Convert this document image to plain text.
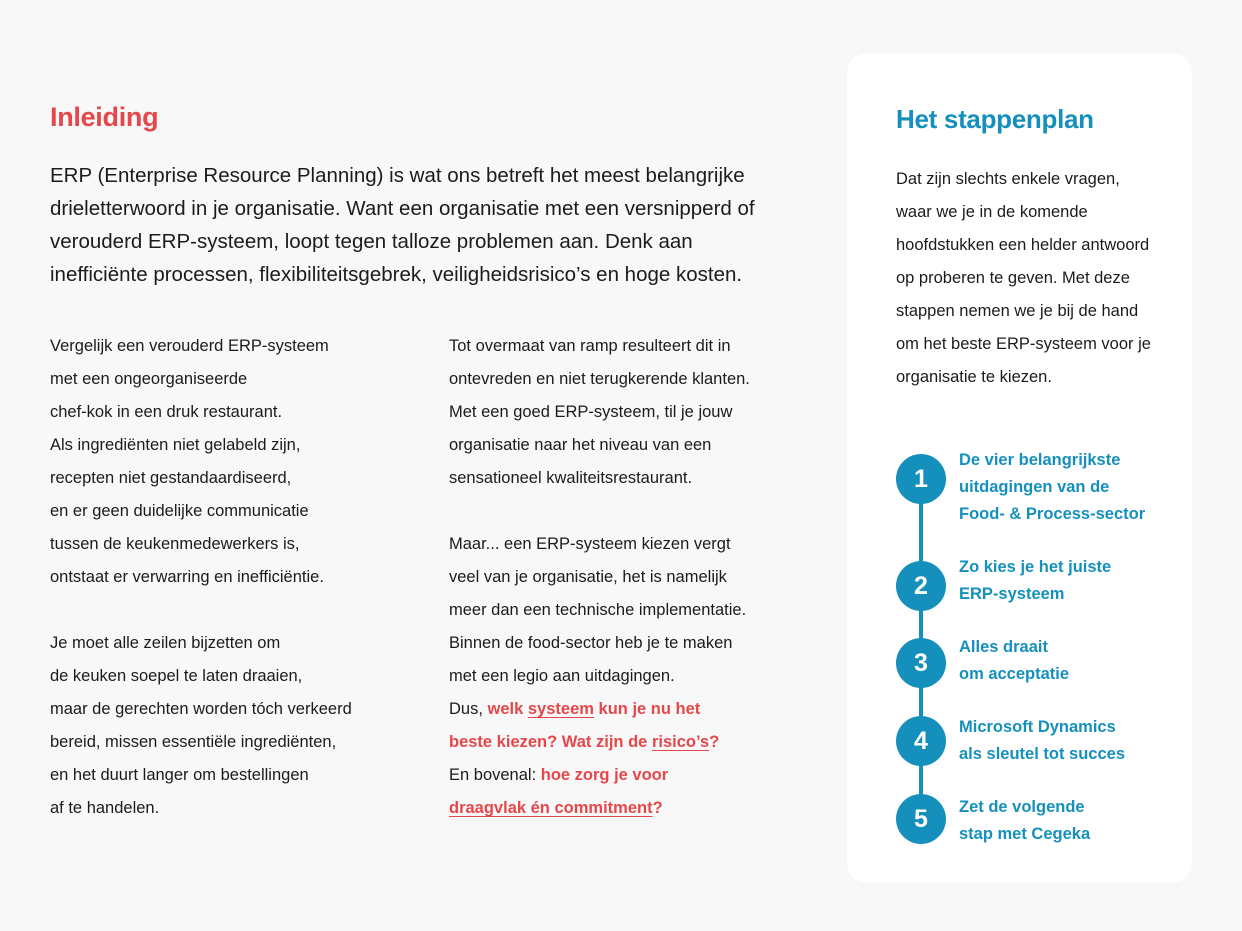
Inleiding

ERP (Enterprise Resource Planning) is wat ons betreft het meest belangrijke drieletterwoord in je organisatie. Want een organisatie met een versnipperd of verouderd ERP-systeem, loopt tegen talloze problemen aan. Denk aan inefficiënte processen, flexibiliteitsgebrek, veiligheidsrisico’s en hoge kosten.

Vergelijk een verouderd ERP-systeem
met een ongeorganiseerde
chef-kok in een druk restaurant.
Als ingrediënten niet gelabeld zijn,
recepten niet gestandaardiseerd,
en er geen duidelijke communicatie
tussen de keukenmedewerkers is,
ontstaat er verwarring en inefficiëntie.

Je moet alle zeilen bijzetten om
de keuken soepel te laten draaien,
maar de gerechten worden tóch verkeerd
bereid, missen essentiële ingrediënten,
en het duurt langer om bestellingen
af te handelen.

Tot overmaat van ramp resulteert dit in
ontevreden en niet terugkerende klanten.
Met een goed ERP-systeem, til je jouw
organisatie naar het niveau van een
sensationeel kwaliteitsrestaurant.

Maar... een ERP-systeem kiezen vergt
veel van je organisatie, het is namelijk
meer dan een technische implementatie.
Binnen de food-sector heb je te maken
met een legio aan uitdagingen.
Dus, welk systeem kun je nu het
beste kiezen? Wat zijn de risico’s?
En bovenal: hoe zorg je voor
draagvlak én commitment?

Het stappenplan

Dat zijn slechts enkele vragen, waar we je in de komende hoofdstukken een helder antwoord op proberen te geven. Met deze stappen nemen we je bij de hand om het beste ERP-systeem voor je organisatie te kiezen.

1
De vier belangrijkste
uitdagingen van de
Food- & Process-sector
2
Zo kies je het juiste
ERP-systeem
3
Alles draait
om acceptatie
4	Microsoft Dynamics
als sleutel tot succes
5	Zet de volgende
stap met Cegeka
